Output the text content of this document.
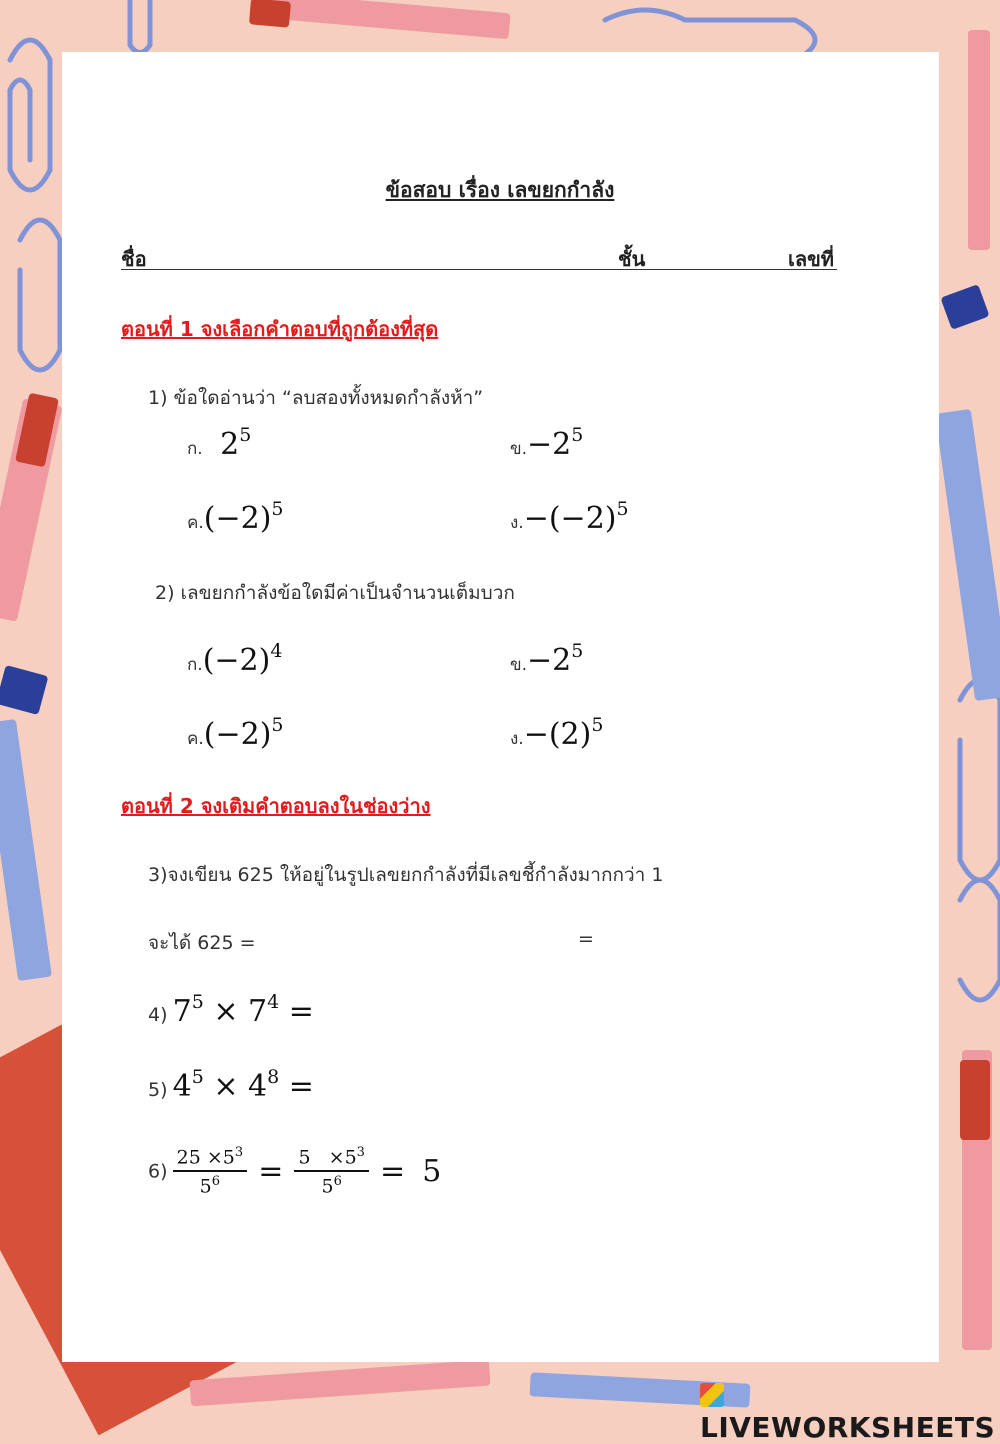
ข้อสอบ เรื่อง เลขยกกำลัง
ชื่อ	ชั้น	เลขที่
ตอนที่ 1 จงเลือกคำตอบที่ถูกต้องที่สุด
1) ข้อใดอ่านว่า “ลบสองทั้งหมดกำลังห้า”
ก. $2^5$
ข$.-2^5$
ค$.(-2)^5$
ง$.-(-2)^5$
2) เลขยกกำลังข้อใดมีค่าเป็นจำนวนเต็มบวก
ก$.(-2)^4$
ข$.-2^5$
ค$.(-2)^5$
ง$.-(2)^5$
ตอนที่ 2 จงเติมคำตอบลงในช่องว่าง
3)จงเขียน 625 ให้อยู่ในรูปเลขยกกำลังที่มีเลขชี้กำลังมากกว่า 1
จะได้ 625 =	=
4) $7^5 \times 7^4$ =
5) $4^5 \times 4^8$ =
$6) \frac{25 \times 5^3}{5^6} = \frac{5 \times 5^3}{5^6} = 5$
LIVEWORKSHEETS
